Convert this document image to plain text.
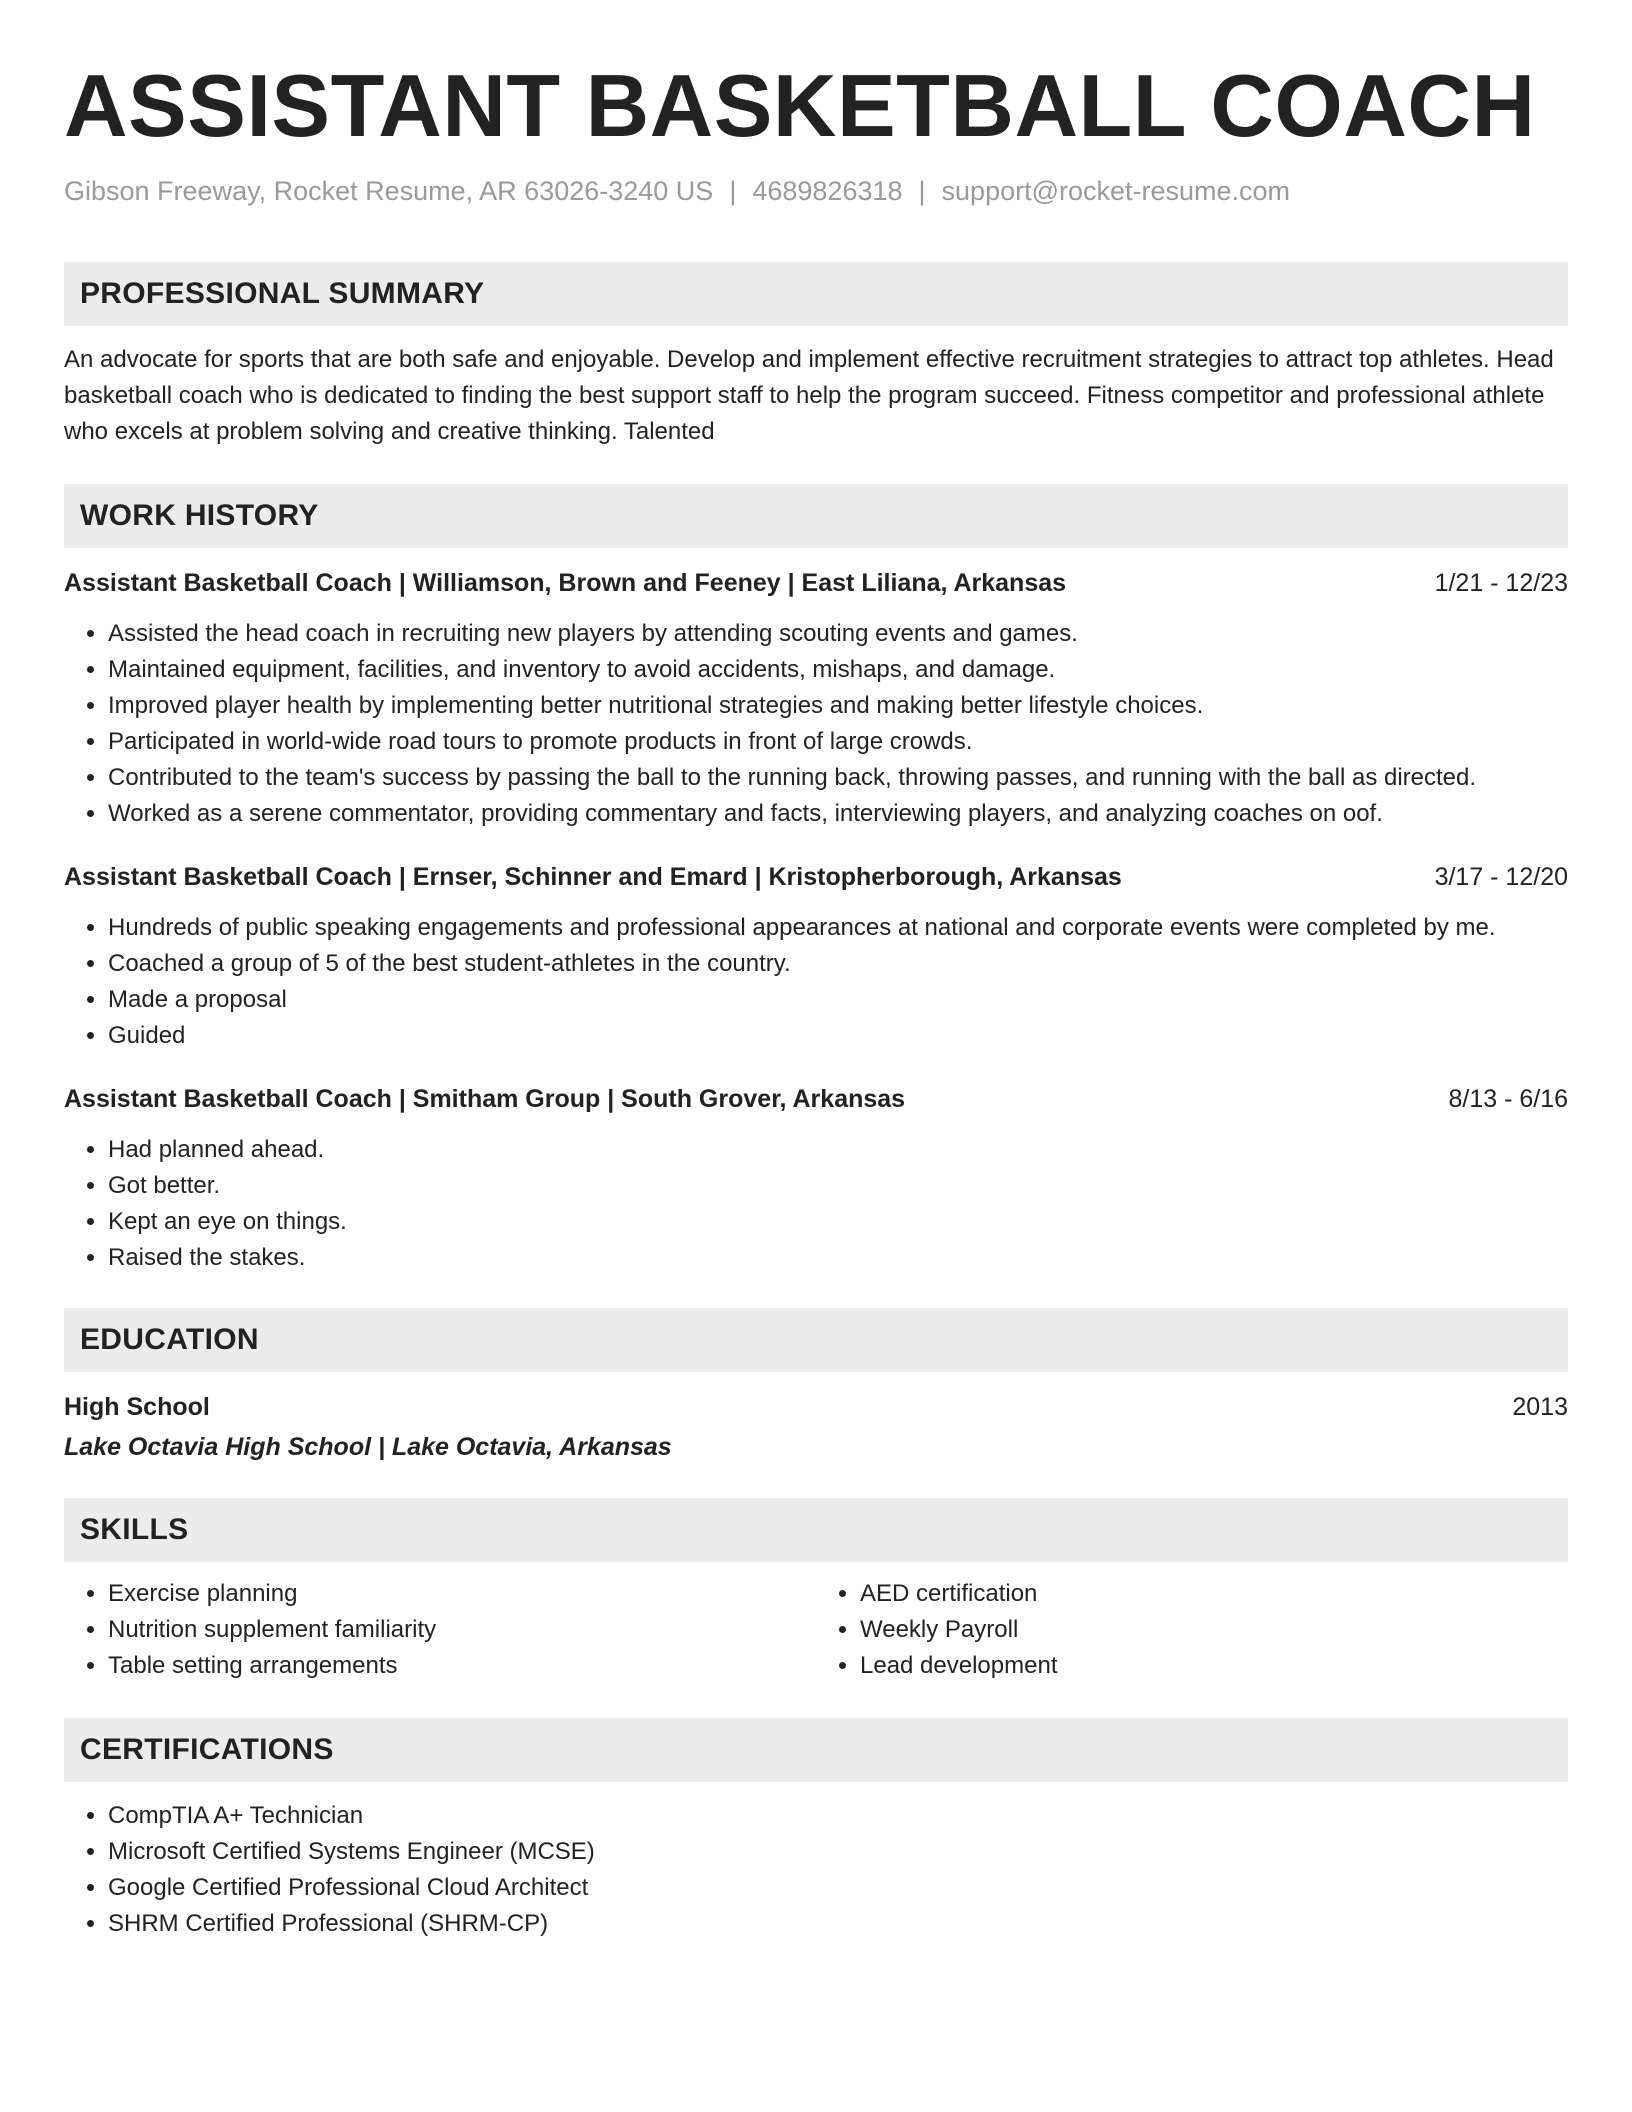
ASSISTANT BASKETBALL COACH
Gibson Freeway, Rocket Resume, AR 63026-3240 US | 4689826318 | support@rocket-resume.com
PROFESSIONAL SUMMARY
An advocate for sports that are both safe and enjoyable. Develop and implement effective recruitment strategies to attract top athletes. Head basketball coach who is dedicated to finding the best support staff to help the program succeed. Fitness competitor and professional athlete who excels at problem solving and creative thinking. Talented
WORK HISTORY
Assistant Basketball Coach | Williamson, Brown and Feeney | East Liliana, Arkansas	1/21 - 12/23
• Assisted the head coach in recruiting new players by attending scouting events and games.
• Maintained equipment, facilities, and inventory to avoid accidents, mishaps, and damage.
• Improved player health by implementing better nutritional strategies and making better lifestyle choices.
• Participated in world-wide road tours to promote products in front of large crowds.
• Contributed to the team's success by passing the ball to the running back, throwing passes, and running with the ball as directed.
• Worked as a serene commentator, providing commentary and facts, interviewing players, and analyzing coaches on oof.
Assistant Basketball Coach | Ernser, Schinner and Emard | Kristopherborough, Arkansas	3/17 - 12/20
• Hundreds of public speaking engagements and professional appearances at national and corporate events were completed by me.
• Coached a group of 5 of the best student-athletes in the country.
• Made a proposal
• Guided
Assistant Basketball Coach | Smitham Group | South Grover, Arkansas	8/13 - 6/16
• Had planned ahead.
• Got better.
• Kept an eye on things.
• Raised the stakes.
EDUCATION
High School	2013
Lake Octavia High School | Lake Octavia, Arkansas
SKILLS
• Exercise planning
• Nutrition supplement familiarity
• Table setting arrangements
• AED certification
• Weekly Payroll
• Lead development
CERTIFICATIONS
• CompTIA A+ Technician
• Microsoft Certified Systems Engineer (MCSE)
• Google Certified Professional Cloud Architect
• SHRM Certified Professional (SHRM-CP)
